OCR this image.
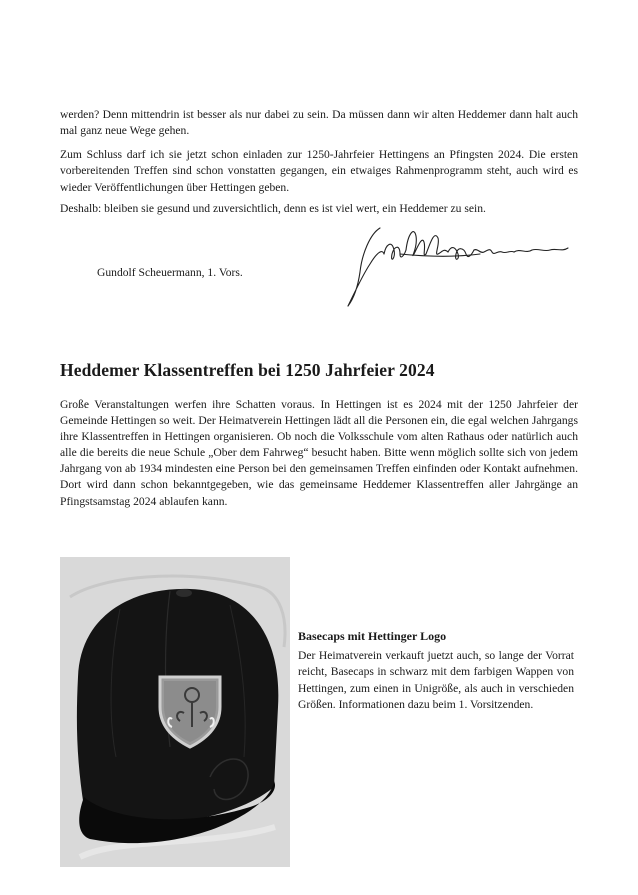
werden? Denn mittendrin ist besser als nur dabei zu sein. Da müssen dann wir alten Heddemer dann halt auch mal ganz neue Wege gehen.

Zum Schluss darf ich sie jetzt schon einladen zur 1250-Jahrfeier Hettingens an Pfingsten 2024. Die ersten vorbereitenden Treffen sind schon vonstatten gegangen, ein etwaiges Rahmenprogramm steht, auch wird es wieder Veröffentlichungen über Hettingen geben.

Deshalb: bleiben sie gesund und zuversichtlich, denn es ist viel wert, ein Heddemer zu sein.

Gundolf Scheuermann, 1. Vors.
Heddemer Klassentreffen bei 1250 Jahrfeier 2024

Große Veranstaltungen werfen ihre Schatten voraus. In Hettingen ist es 2024 mit der 1250 Jahrfeier der Gemeinde Hettingen so weit. Der Heimatverein Hettingen lädt all die Personen ein, die egal welchen Jahrgangs ihre Klassentreffen in Hettingen organisieren. Ob noch die Volksschule vom alten Rathaus oder natürlich auch alle die bereits die neue Schule „Ober dem Fahrweg“ besucht haben. Bitte wenn möglich sollte sich von jedem Jahrgang von ab 1934 mindesten eine Person bei den gemeinsamen Treffen einfinden oder Kontakt aufnehmen. Dort wird dann schon bekanntgegeben, wie das gemeinsame Heddemer Klassentreffen aller Jahrgänge an Pfingstsamstag 2024 ablaufen kann.

Basecaps mit Hettinger Logo

Der Heimatverein verkauft juetzt auch, so lange der Vorrat reicht, Basecaps in schwarz mit dem farbigen Wappen von Hettingen, zum einen in Unigröße, als auch in verschieden Größen. Informationen dazu beim 1. Vorsitzenden.
